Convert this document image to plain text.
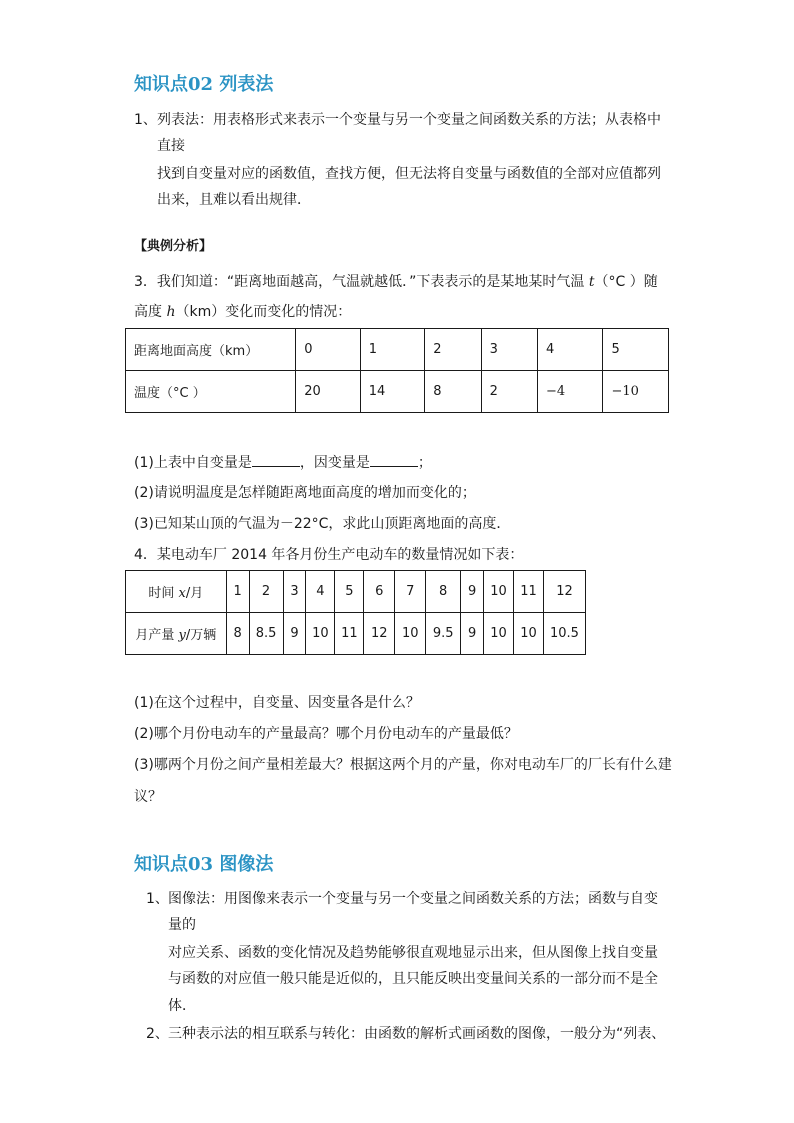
知识点02 列表法
1、 列表法：用表格形式来表示一个变量与另一个变量之间函数关系的方法；从表格中
直接
找到自变量对应的函数值，查找方便，但无法将自变量与函数值的全部对应值都列
出来，且难以看出规律．
【典例分析】
3．我们知道：“距离地面越高，气温就越低．”下表表示的是某地某时气温 t（°C ）随
高度 h（km）变化而变化的情况：
距离地面高度（km）	0	1	2	3	4	5
温度（°C ）	20	14	8	2	−4	−10
(1)上表中自变量是	，因变量是	；
(2)请说明温度是怎样随距离地面高度的增加而变化的；
(3)已知某山顶的气温为－22°C，求此山顶距离地面的高度．
4．某电动车厂 2014 年各月份生产电动车的数量情况如下表：
时间 x/月	1	2	3	4	5	6	7	8	9	10	11	12
月产量 y/万辆	8	8.5	9	10	11	12	10	9.5	9	10	10	10.5
(1)在这个过程中，自变量、因变量各是什么？
(2)哪个月份电动车的产量最高？哪个月份电动车的产量最低？
(3)哪两个月份之间产量相差最大？根据这两个月的产量，你对电动车厂的厂长有什么建
议？
知识点03 图像法
1、 图像法：用图像来表示一个变量与另一个变量之间函数关系的方法；函数与自变
量的
对应关系、函数的变化情况及趋势能够很直观地显示出来，但从图像上找自变量
与函数的对应值一般只能是近似的，且只能反映出变量间关系的一部分而不是全
体．
2、 三种表示法的相互联系与转化：由函数的解析式画函数的图像，一般分为“列表、
